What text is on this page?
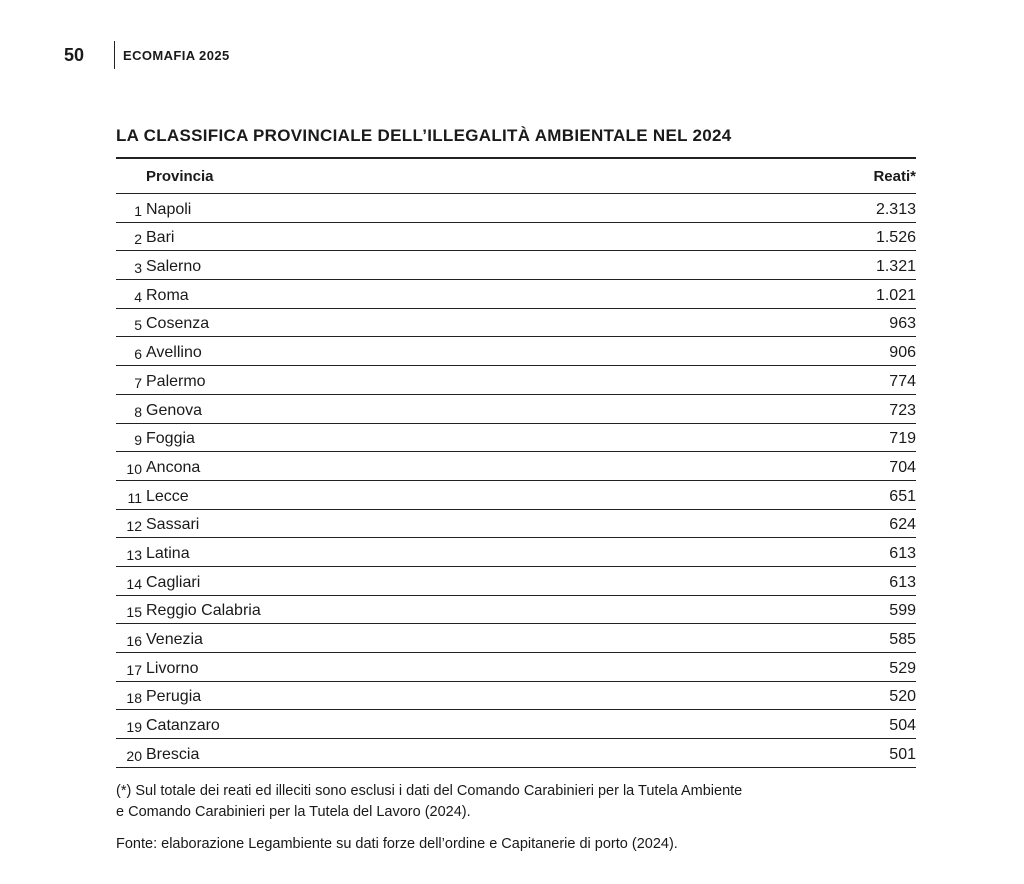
50	ECOMAFIA 2025
LA CLASSIFICA PROVINCIALE DELL’ILLEGALITÀ AMBIENTALE NEL 2024
Provincia	Reati*
1 Napoli	2.313
2 Bari	1.526
3 Salerno	1.321
4 Roma	1.021
5 Cosenza	963
6 Avellino	906
7 Palermo	774
8 Genova	723
9 Foggia	719
10 Ancona	704
11 Lecce	651
12 Sassari	624
13 Latina	613
14 Cagliari	613
15 Reggio Calabria	599
16 Venezia	585
17 Livorno	529
18 Perugia	520
19 Catanzaro	504
20 Brescia	501
(*) Sul totale dei reati ed illeciti sono esclusi i dati del Comando Carabinieri per la Tutela Ambiente
e Comando Carabinieri per la Tutela del Lavoro (2024).
Fonte: elaborazione Legambiente su dati forze dell’ordine e Capitanerie di porto (2024).
